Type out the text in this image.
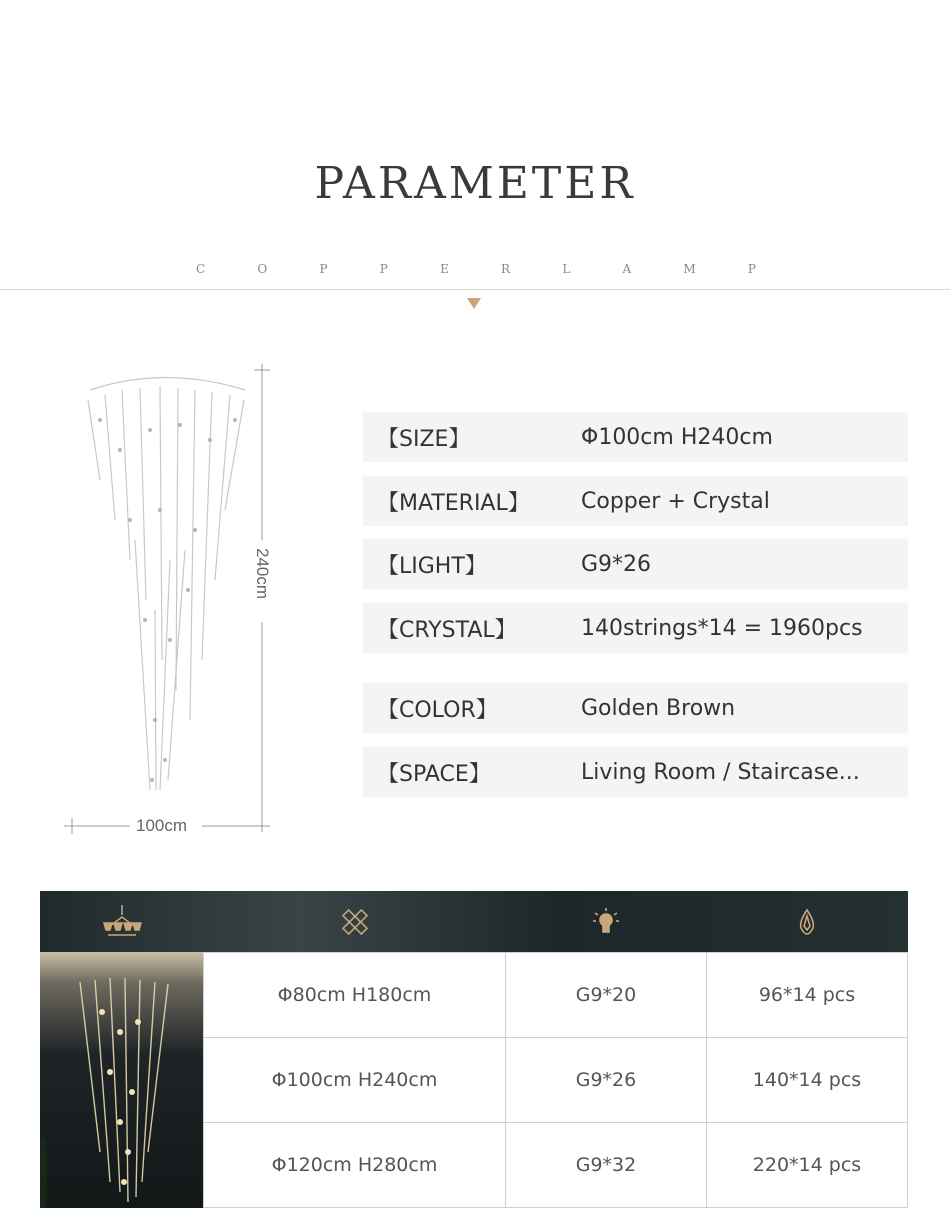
PARAMETER
C	O	P	P	E	R	L	A	M	P
240cm
100cm
【SIZE】	Φ100cm H240cm
【MATERIAL】	Copper + Crystal
【LIGHT】	G9*26
【CRYSTAL】	140strings*14 = 1960pcs
【COLOR】	Golden Brown
【SPACE】	Living Room / Staircase...
Φ80cm H180cm	G9*20	96*14 pcs
Φ100cm H240cm	G9*26	140*14 pcs
Φ120cm H280cm	G9*32	220*14 pcs
